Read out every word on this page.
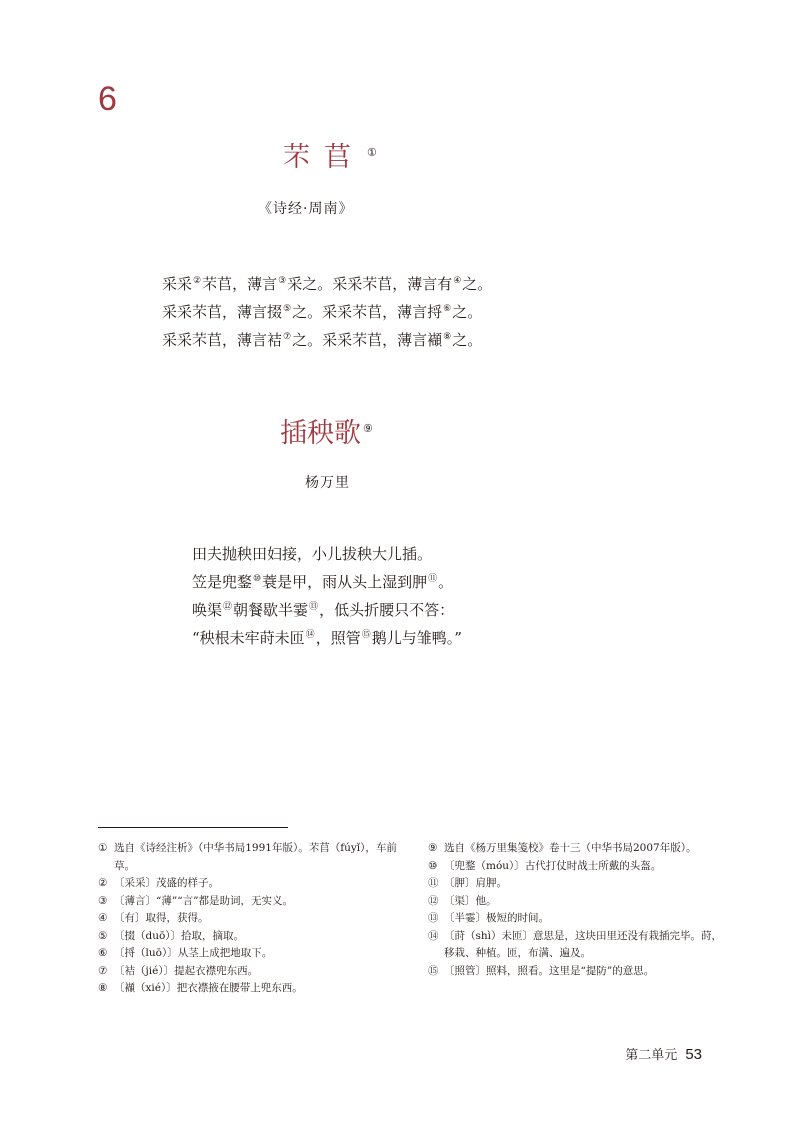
6
芣苢 ①
《诗经·周南》
采采②芣苢，薄言③采之。采采芣苢，薄言有④之。
采采芣苢，薄言掇⑤之。采采芣苢，薄言捋⑥之。
采采芣苢，薄言袺⑦之。采采芣苢，薄言襭⑧之。
插秧歌 ⑨
杨万里
田夫抛秧田妇接，小儿拔秧大儿插。
笠是兜鍪⑩蓑是甲，雨从头上湿到胛⑪。
唤渠⑫朝餐歇半霎⑬，低头折腰只不答：
“秧根未牢莳未匝⑭，照管⑮鹅儿与雏鸭。”
① 选自《诗经注析》（中华书局1991年版）。芣苢（fúyǐ），车前草。
② 〔采采〕茂盛的样子。
③ 〔薄言〕“薄”“言”都是助词，无实义。
④ 〔有〕取得，获得。
⑤ 〔掇（duō）〕拾取，摘取。
⑥ 〔捋（luō）〕从茎上成把地取下。
⑦ 〔袺（jié）〕提起衣襟兜东西。
⑧ 〔襭（xié）〕把衣襟掖在腰带上兜东西。
⑨ 选自《杨万里集笺校》卷十三（中华书局2007年版）。
⑩ 〔兜鍪（móu）〕古代打仗时战士所戴的头盔。
⑪ 〔胛〕肩胛。
⑫ 〔渠〕他。
⑬ 〔半霎〕极短的时间。
⑭ 〔莳（shì）未匝〕意思是，这块田里还没有栽插完毕。莳，移栽、种植。匝，布满、遍及。
⑮ 〔照管〕照料，照看。这里是“提防”的意思。
第二单元 53
